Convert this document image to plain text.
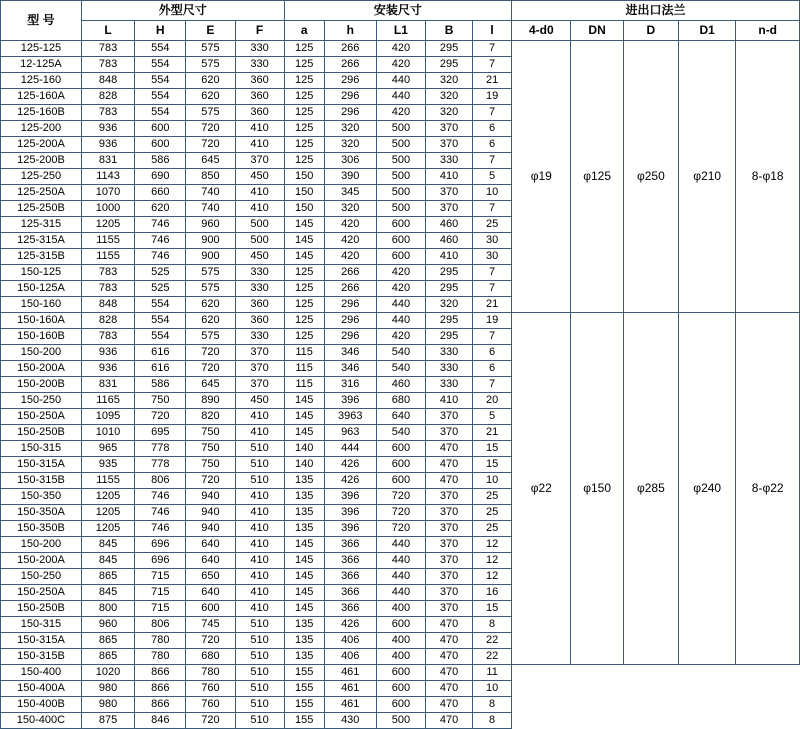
型 号	外型尺寸				安装尺寸					进出口法兰				
	L	H	E	F	a	h	L1	B	l	4-d0	DN	D	D1	n-d
125-125	783	554	575	330	125	266	420	295	7	φ19	φ125	φ250	φ210	8-φ18
12-125A	783	554	575	330	125	266	420	295	7					
125-160	848	554	620	360	125	296	440	320	21					
125-160A	828	554	620	360	125	296	440	320	19					
125-160B	783	554	575	360	125	296	420	320	7					
125-200	936	600	720	410	125	320	500	370	6					
125-200A	936	600	720	410	125	320	500	370	6					
125-200B	831	586	645	370	125	306	500	330	7					
125-250	1143	690	850	450	150	390	500	410	5					
125-250A	1070	660	740	410	150	345	500	370	10					
125-250B	1000	620	740	410	150	320	500	370	7					
125-315	1205	746	960	500	145	420	600	460	25					
125-315A	1155	746	900	500	145	420	600	460	30					
125-315B	1155	746	900	450	145	420	600	410	30					
150-125	783	525	575	330	125	266	420	295	7					
150-125A	783	525	575	330	125	266	420	295	7					
150-160	848	554	620	360	125	296	440	320	21					
150-160A	828	554	620	360	125	296	440	295	19	φ22	φ150	φ285	φ240	8-φ22
150-160B	783	554	575	330	125	296	420	295	7					
150-200	936	616	720	370	115	346	540	330	6					
150-200A	936	616	720	370	115	346	540	330	6					
150-200B	831	586	645	370	115	316	460	330	7					
150-250	1165	750	890	450	145	396	680	410	20					
150-250A	1095	720	820	410	145	3963	640	370	5					
150-250B	1010	695	750	410	145	963	540	370	21					
150-315	965	778	750	510	140	444	600	470	15					
150-315A	935	778	750	510	140	426	600	470	15					
150-315B	1155	806	720	510	135	426	600	470	10					
150-350	1205	746	940	410	135	396	720	370	25					
150-350A	1205	746	940	410	135	396	720	370	25					
150-350B	1205	746	940	410	135	396	720	370	25					
150-200	845	696	640	410	145	366	440	370	12					
150-200A	845	696	640	410	145	366	440	370	12					
150-250	865	715	650	410	145	366	440	370	12					
150-250A	845	715	640	410	145	366	440	370	16					
150-250B	800	715	600	410	145	366	400	370	15					
150-315	960	806	745	510	135	426	600	470	8					
150-315A	865	780	720	510	135	406	400	470	22					
150-315B	865	780	680	510	135	406	400	470	22					
150-400	1020	866	780	510	155	461	600	470	11					
150-400A	980	866	760	510	155	461	600	470	10					
150-400B	980	866	760	510	155	461	600	470	8					
150-400C	875	846	720	510	155	430	500	470	8					
